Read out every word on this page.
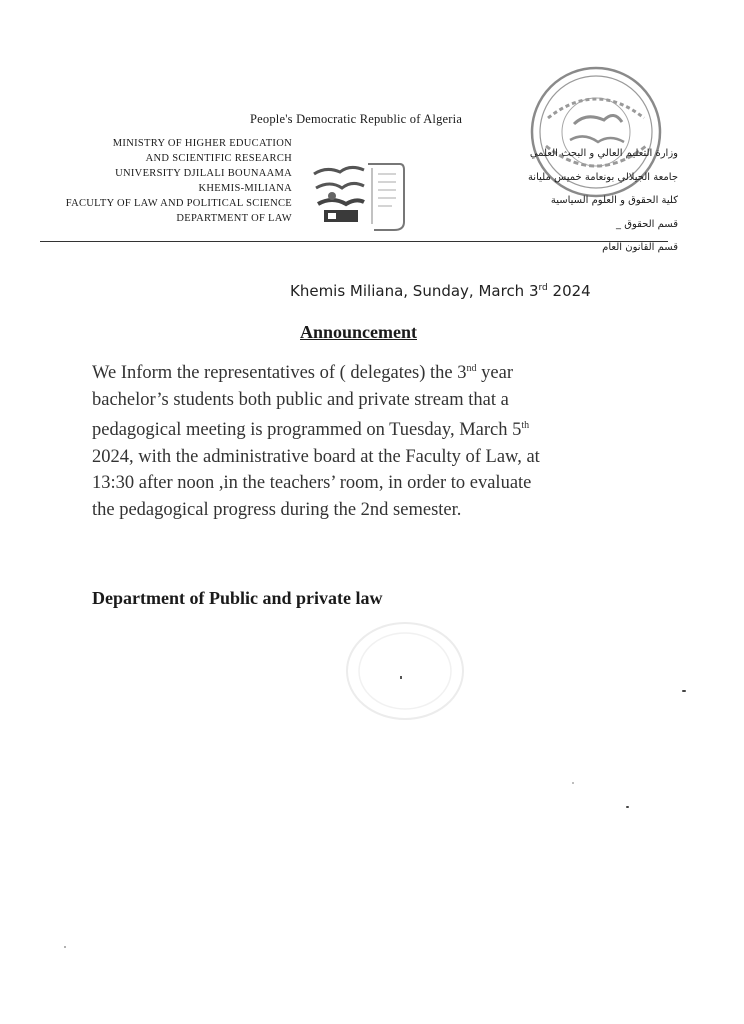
People's Democratic Republic of Algeria
MINISTRY OF HIGHER EDUCATION
AND SCIENTIFIC RESEARCH
UNIVERSITY DJILALI BOUNAAMA
KHEMIS-MILIANA
FACULTY OF LAW AND POLITICAL SCIENCE
DEPARTMENT OF LAW
وزارة التعليم العالي و البحث العلمي
جامعة الجيلالي بونعامة خميس مليانة
كلية الحقوق و العلوم السياسية
قسم الحقوق _
قسم القانون العام
Khemis Miliana, Sunday, March 3rd 2024
Announcement
We Inform the representatives of ( delegates) the 3nd year
bachelor’s students both public and private stream that a
pedagogical meeting is programmed on Tuesday, March 5th
2024, with the administrative board at the Faculty of Law, at
13:30 after noon ,in the teachers’ room, in order to evaluate
the pedagogical progress during the 2nd semester.
Department of Public and private law
